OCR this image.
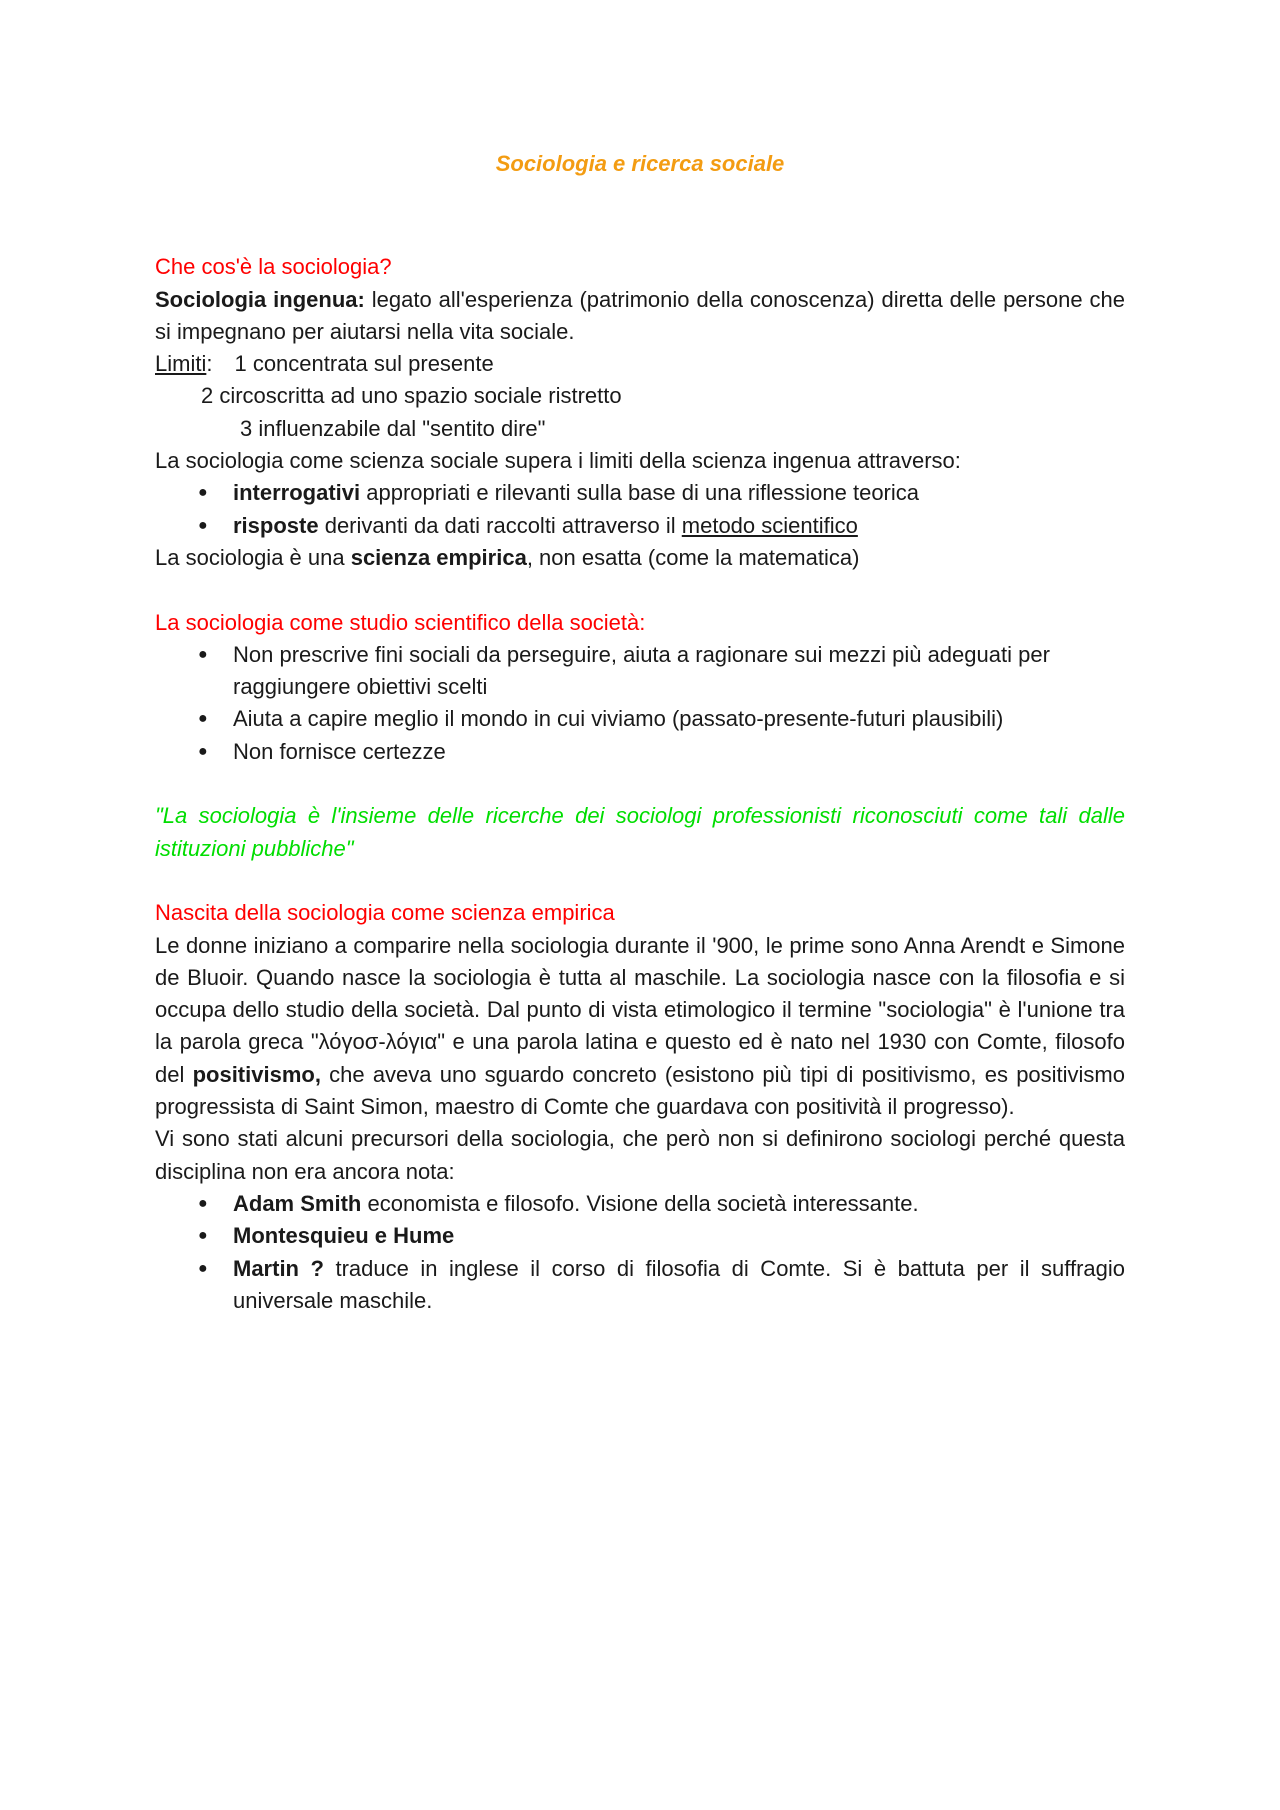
Sociologia e ricerca sociale

Che cos'è la sociologia?

Sociologia ingenua: legato all'esperienza (patrimonio della conoscenza) diretta delle persone che si impegnano per aiutarsi nella vita sociale.

Limiti: 1 concentrata sul presente

2 circoscritta ad uno spazio sociale ristretto

3 influenzabile dal "sentito dire"

La sociologia come scienza sociale supera i limiti della scienza ingenua attraverso:

● interrogativi appropriati e rilevanti sulla base di una riflessione teorica
● risposte derivanti da dati raccolti attraverso il metodo scientifico

La sociologia è una scienza empirica, non esatta (come la matematica)

La sociologia come studio scientifico della società:

● Non prescrive fini sociali da perseguire, aiuta a ragionare sui mezzi più adeguati per raggiungere obiettivi scelti
● Aiuta a capire meglio il mondo in cui viviamo (passato-presente-futuri plausibili)
● Non fornisce certezze

"La sociologia è l'insieme delle ricerche dei sociologi professionisti riconosciuti come tali dalle istituzioni pubbliche"

Nascita della sociologia come scienza empirica

Le donne iniziano a comparire nella sociologia durante il '900, le prime sono Anna Arendt e Simone de Bluoir. Quando nasce la sociologia è tutta al maschile. La sociologia nasce con la filosofia e si occupa dello studio della società. Dal punto di vista etimologico il termine "sociologia" è l'unione tra la parola greca "λόγοσ-λόγια" e una parola latina e questo ed è nato nel 1930 con Comte, filosofo del positivismo, che aveva uno sguardo concreto (esistono più tipi di positivismo, es positivismo progressista di Saint Simon, maestro di Comte che guardava con positività il progresso).

Vi sono stati alcuni precursori della sociologia, che però non si definirono sociologi perché questa disciplina non era ancora nota:

● Adam Smith economista e filosofo. Visione della società interessante.
● Montesquieu e Hume
● Martin ? traduce in inglese il corso di filosofia di Comte. Si è battuta per il suffragio universale maschile.
